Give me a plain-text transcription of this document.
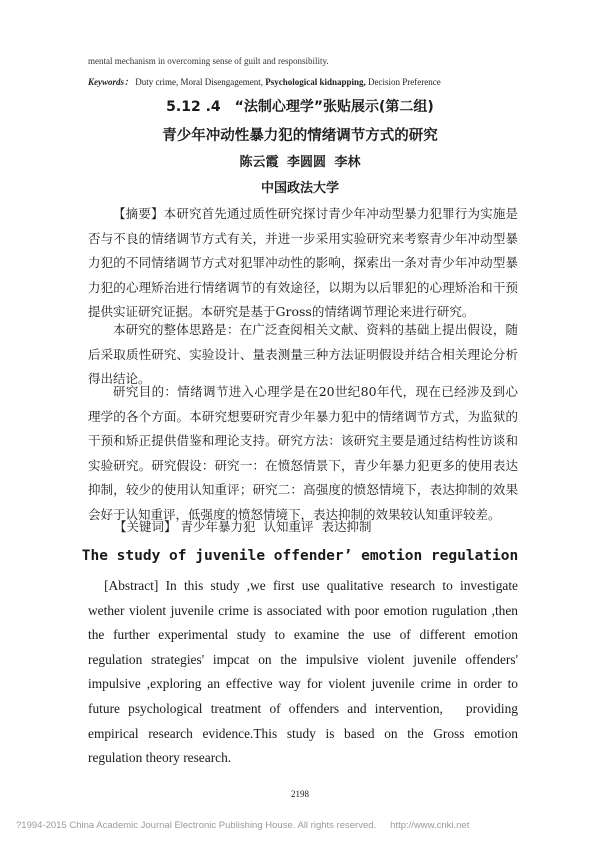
mental mechanism in overcoming sense of guilt and responsibility.
Keywords： Duty crime, Moral Disengagement, Psychological kidnapping, Decision Preference
5.12 .4　“法制心理学”张贴展示(第二组)
青少年冲动性暴力犯的情绪调节方式的研究
陈云霞 李圆圆 李林
中国政法大学
【摘要】本研究首先通过质性研究探讨青少年冲动型暴力犯罪行为实施是否与不良的情绪调节方式有关，并进一步采用实验研究来考察青少年冲动型暴力犯的不同情绪调节方式对犯罪冲动性的影响，探索出一条对青少年冲动型暴力犯的心理矫治进行情绪调节的有效途径，以期为以后罪犯的心理矫治和干预提供实证研究证据。本研究是基于Gross的情绪调节理论来进行研究。
本研究的整体思路是：在广泛查阅相关文献、资料的基础上提出假设，随后采取质性研究、实验设计、量表测量三种方法证明假设并结合相关理论分析得出结论。
研究目的：情绪调节进入心理学是在20世纪80年代，现在已经涉及到心理学的各个方面。本研究想要研究青少年暴力犯中的情绪调节方式，为监狱的干预和矫正提供借鉴和理论支持。研究方法：该研究主要是通过结构性访谈和实验研究。研究假设：研究一：在愤怒情景下，青少年暴力犯更多的使用表达抑制，较少的使用认知重评；研究二：高强度的愤怒情境下，表达抑制的效果会好于认知重评，低强度的愤怒情境下，表达抑制的效果较认知重评较差。
【关键词】 青少年暴力犯 认知重评 表达抑制
The study of juvenile offender’ emotion regulation
[Abstract] In this study ,we first use qualitative research to investigate wether violent juvenile crime is associated with poor emotion rugulation ,then the further experimental study to examine the use of different emotion regulation strategies' impcat on the impulsive violent juvenile offenders'　impulsive ,exploring an effective way for violent juvenile crime in order to future psychological treatment of offenders and intervention,　providing empirical research evidence.This study is based on the Gross emotion regulation theory research.
2198
?1994-2015 China Academic Journal Electronic Publishing House. All rights reserved. http://www.cnki.net
